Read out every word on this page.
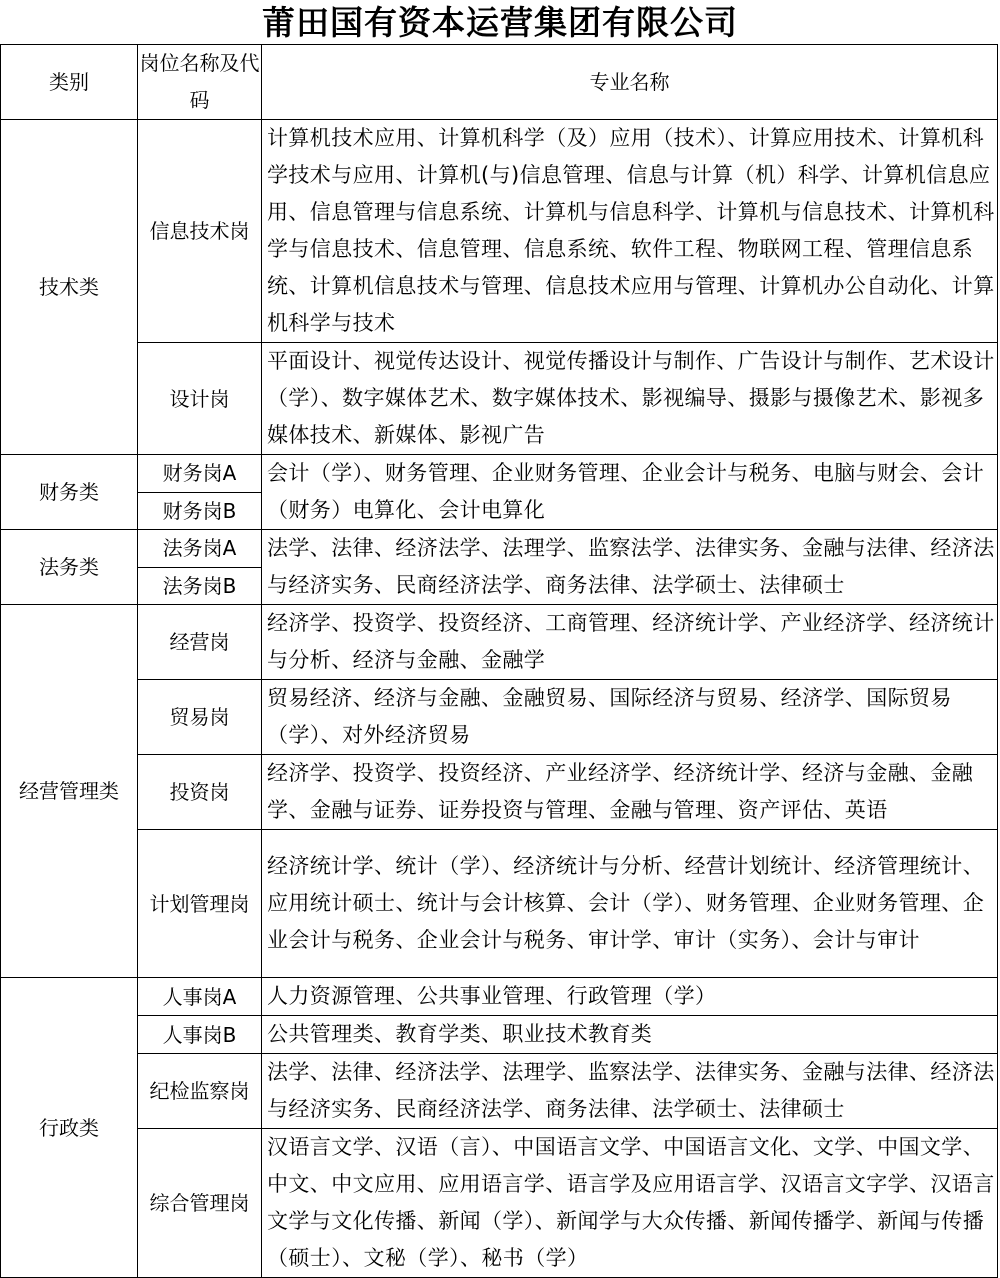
莆田国有资本运营集团有限公司
类别	岗位名称及代码	专业名称
技术类	信息技术岗	计算机技术应用、计算机科学（及）应用（技术）、计算应用技术、计算机科学技术与应用、计算机(与)信息管理、信息与计算（机）科学、计算机信息应用、信息管理与信息系统、计算机与信息科学、计算机与信息技术、计算机科学与信息技术、信息管理、信息系统、软件工程、物联网工程、管理信息系统、计算机信息技术与管理、信息技术应用与管理、计算机办公自动化、计算机科学与技术
	设计岗	平面设计、视觉传达设计、视觉传播设计与制作、广告设计与制作、艺术设计（学）、数字媒体艺术、数字媒体技术、影视编导、摄影与摄像艺术、影视多媒体技术、新媒体、影视广告
财务类	财务岗A	会计（学）、财务管理、企业财务管理、企业会计与税务、电脑与财会、会计（财务）电算化、会计电算化
	财务岗B	
法务类	法务岗A	法学、法律、经济法学、法理学、监察法学、法律实务、金融与法律、经济法与经济实务、民商经济法学、商务法律、法学硕士、法律硕士
	法务岗B	
经营管理类	经营岗	经济学、投资学、投资经济、工商管理、经济统计学、产业经济学、经济统计与分析、经济与金融、金融学
	贸易岗	贸易经济、经济与金融、金融贸易、国际经济与贸易、经济学、国际贸易（学）、对外经济贸易
	投资岗	经济学、投资学、投资经济、产业经济学、经济统计学、经济与金融、金融学、金融与证券、证券投资与管理、金融与管理、资产评估、英语
	计划管理岗	经济统计学、统计（学）、经济统计与分析、经营计划统计、经济管理统计、应用统计硕士、统计与会计核算、会计（学）、财务管理、企业财务管理、企业会计与税务、企业会计与税务、审计学、审计（实务）、会计与审计
行政类	人事岗A	人力资源管理、公共事业管理、行政管理（学）
	人事岗B	公共管理类、教育学类、职业技术教育类
	纪检监察岗	法学、法律、经济法学、法理学、监察法学、法律实务、金融与法律、经济法与经济实务、民商经济法学、商务法律、法学硕士、法律硕士
	综合管理岗	汉语言文学、汉语（言）、中国语言文学、中国语言文化、文学、中国文学、中文、中文应用、应用语言学、语言学及应用语言学、汉语言文字学、汉语言文学与文化传播、新闻（学）、新闻学与大众传播、新闻传播学、新闻与传播（硕士）、文秘（学）、秘书（学）
